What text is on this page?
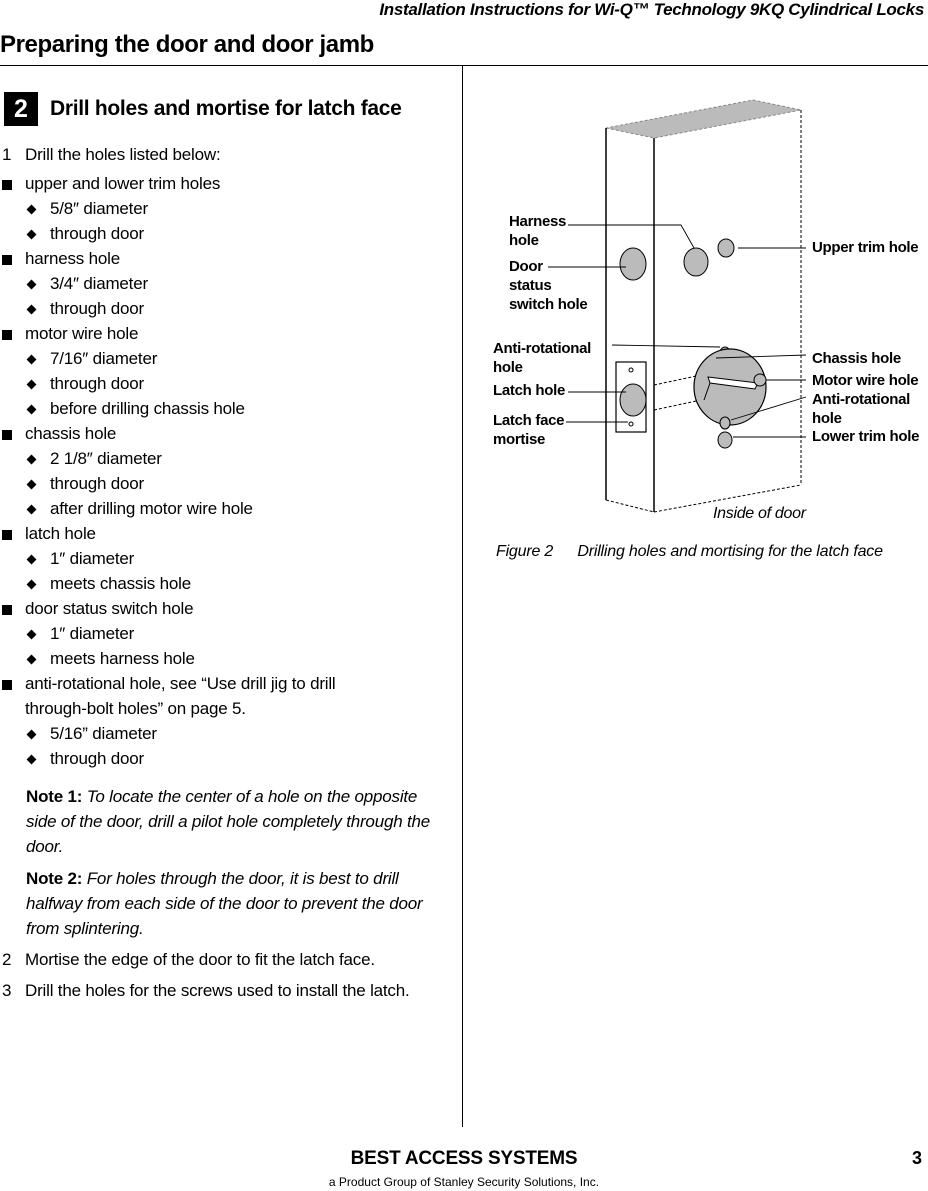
Installation Instructions for Wi-Q™ Technology 9KQ Cylindrical Locks
Preparing the door and door jamb
2	Drill holes and mortise for latch face
1 Drill the holes listed below:
upper and lower trim holes
5/8″ diameter
through door
harness hole
3/4″ diameter
through door
motor wire hole
7/16″ diameter
through door
before drilling chassis hole
chassis hole
2 1/8″ diameter
through door
after drilling motor wire hole
latch hole
1″ diameter
meets chassis hole
door status switch hole
1″ diameter
meets harness hole
anti-rotational hole, see “Use drill jig to drill
through-bolt holes” on page 5.
5/16” diameter
through door
Note 1: To locate the center of a hole on the opposite side of the door, drill a pilot hole completely through the door.
Note 2: For holes through the door, it is best to drill halfway from each side of the door to prevent the door from splintering.
2 Mortise the edge of the door to fit the latch face.
3 Drill the holes for the screws used to install the latch.
Harness
hole
Door
status
switch hole
Anti-rotational
hole
Latch hole
Latch face
mortise
Upper trim hole
Chassis hole
Motor wire hole
Anti-rotational
hole
Lower trim hole
Inside of door
Figure 2 Drilling holes and mortising for the latch face
BEST ACCESS SYSTEMS
a Product Group of Stanley Security Solutions, Inc.
3
